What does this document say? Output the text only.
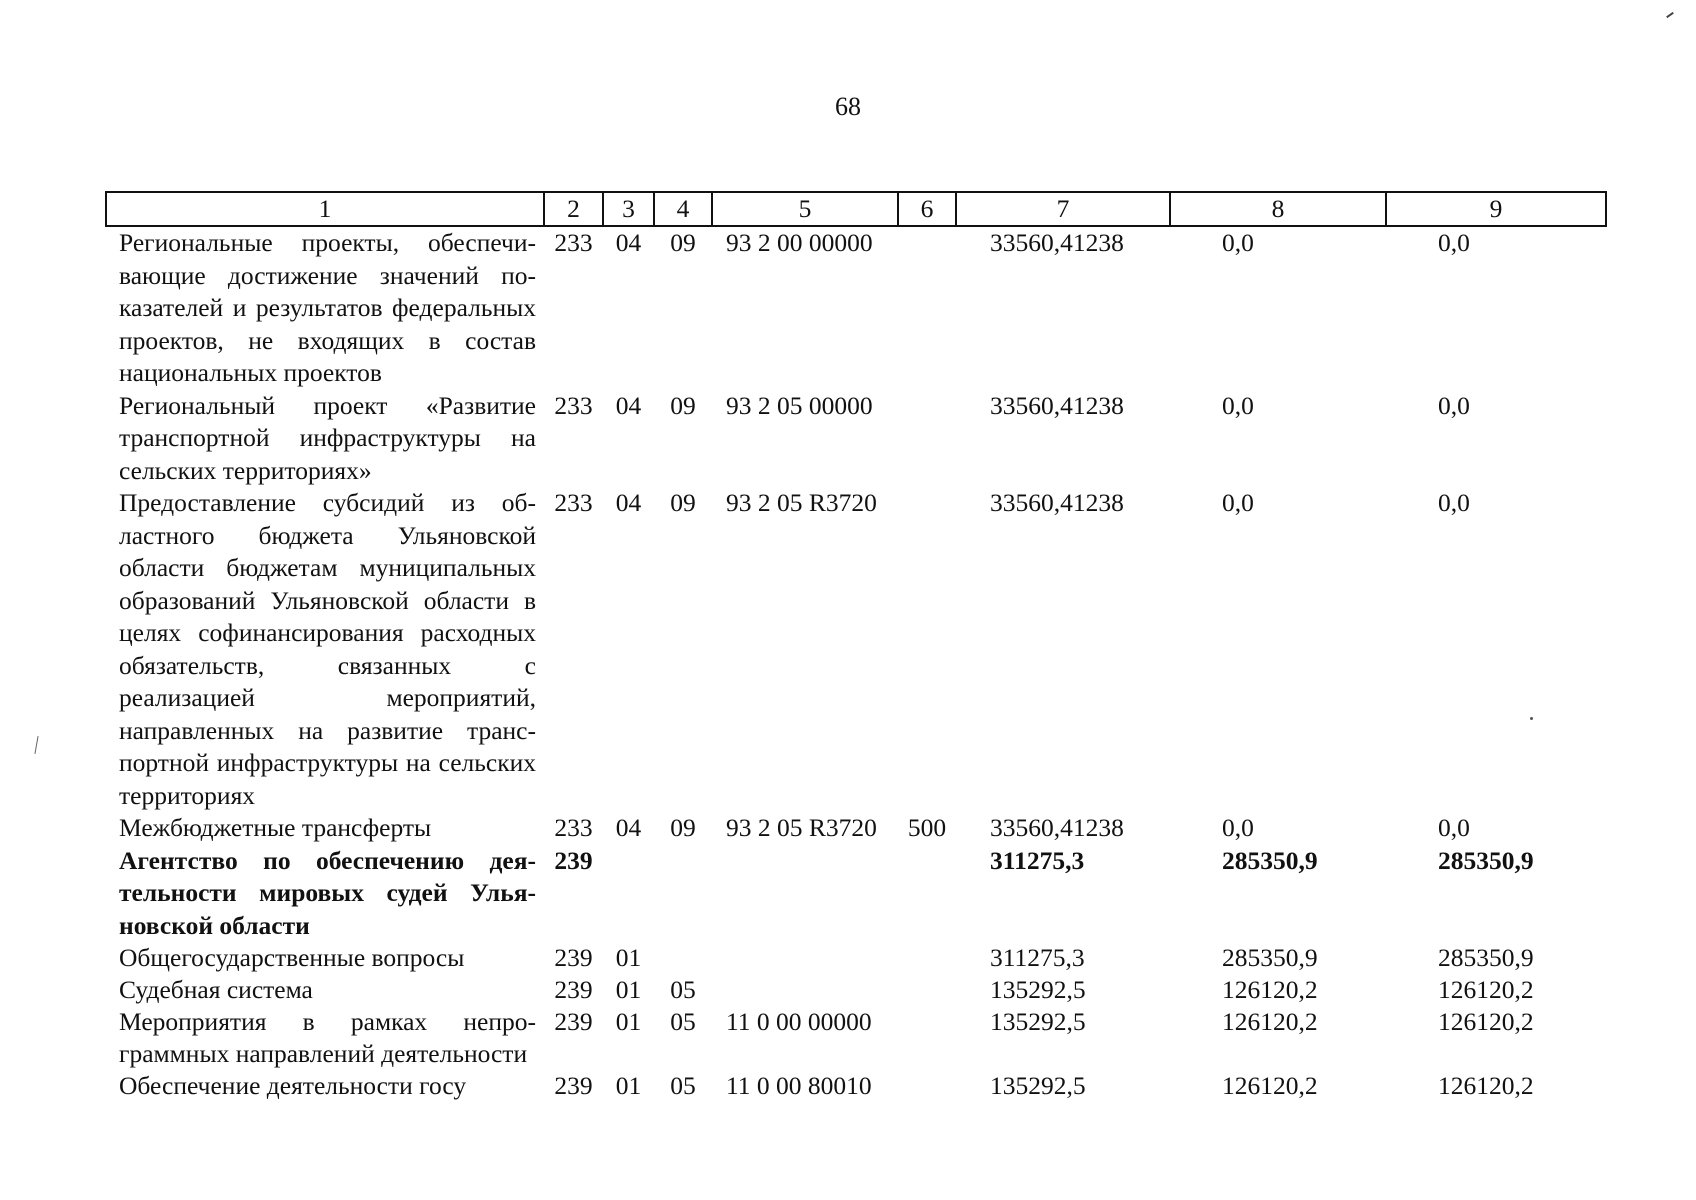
68
1	2	3	4	5	6	7	8	9
Региональные проекты, обеспечивающие достижение значений показателей и результатов федеральных проектов, не входящих в состав национальных проектов	233	04	09	93 2 00 00000		33560,41238	0,0	0,0
Региональный проект «Развитие транспортной инфраструктуры на сельских территориях»	233	04	09	93 2 05 00000		33560,41238	0,0	0,0
Предоставление субсидий из областного бюджета Ульяновской области бюджетам муниципальных образований Ульяновской области в целях софинансирования расходных обязательств, связанных с реализацией мероприятий, направленных на развитие транспортной инфраструктуры на сельских территориях	233	04	09	93 2 05 R3720		33560,41238	0,0	0,0
Межбюджетные трансферты	233	04	09	93 2 05 R3720	500	33560,41238	0,0	0,0
Агентство по обеспечению деятельности мировых судей Ульяновской области	239					311275,3	285350,9	285350,9
Общегосударственные вопросы	239	01				311275,3	285350,9	285350,9
Судебная система	239	01	05			135292,5	126120,2	126120,2
Мероприятия в рамках непрограммных направлений деятельности	239	01	05	11 0 00 00000		135292,5	126120,2	126120,2
Обеспечение деятельности госу	239	01	05	11 0 00 80010		135292,5	126120,2	126120,2
